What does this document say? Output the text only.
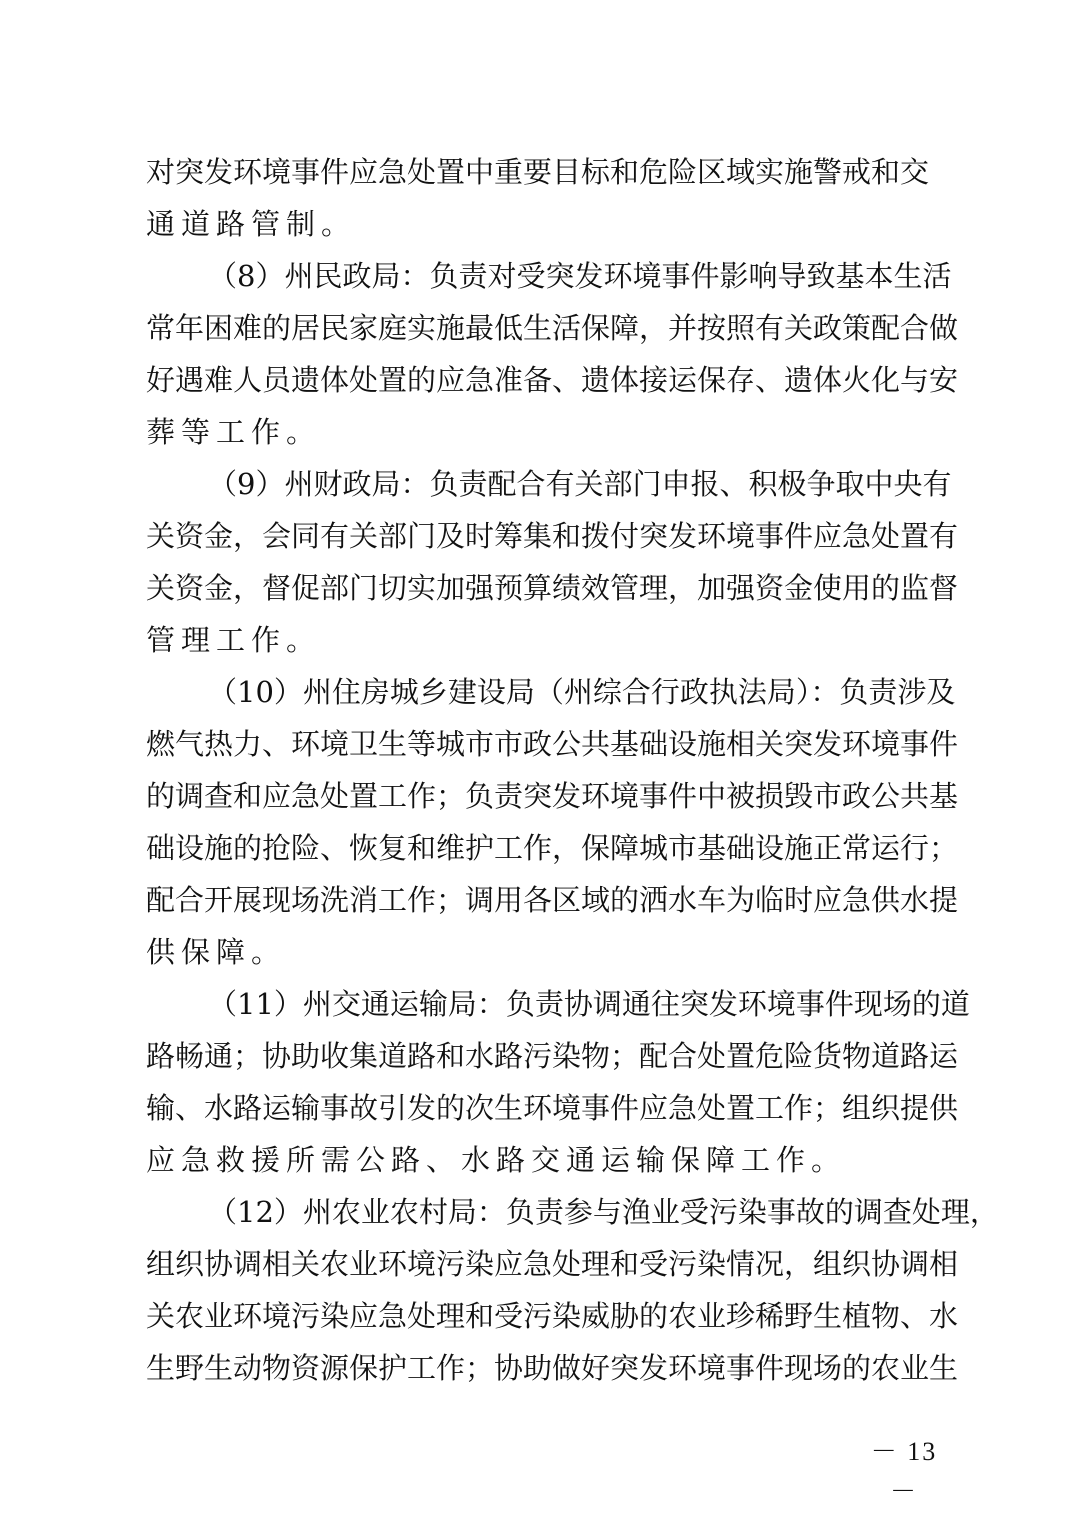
对突发环境事件应急处置中重要目标和危险区域实施警戒和交
通道路管制。
（8）州民政局：负责对受突发环境事件影响导致基本生活
常年困难的居民家庭实施最低生活保障，并按照有关政策配合做
好遇难人员遗体处置的应急准备、遗体接运保存、遗体火化与安
葬等工作。
（9）州财政局：负责配合有关部门申报、积极争取中央有
关资金，会同有关部门及时筹集和拨付突发环境事件应急处置有
关资金，督促部门切实加强预算绩效管理，加强资金使用的监督
管理工作。
（10）州住房城乡建设局（州综合行政执法局）：负责涉及
燃气热力、环境卫生等城市市政公共基础设施相关突发环境事件
的调查和应急处置工作；负责突发环境事件中被损毁市政公共基
础设施的抢险、恢复和维护工作，保障城市基础设施正常运行；
配合开展现场洗消工作；调用各区域的洒水车为临时应急供水提
供保障。
（11）州交通运输局：负责协调通往突发环境事件现场的道
路畅通；协助收集道路和水路污染物；配合处置危险货物道路运
输、水路运输事故引发的次生环境事件应急处置工作；组织提供
应急救援所需公路、水路交通运输保障工作。
（12）州农业农村局：负责参与渔业受污染事故的调查处理，
组织协调相关农业环境污染应急处理和受污染情况，组织协调相
关农业环境污染应急处理和受污染威胁的农业珍稀野生植物、水
生野生动物资源保护工作；协助做好突发环境事件现场的农业生
－ 13 －
